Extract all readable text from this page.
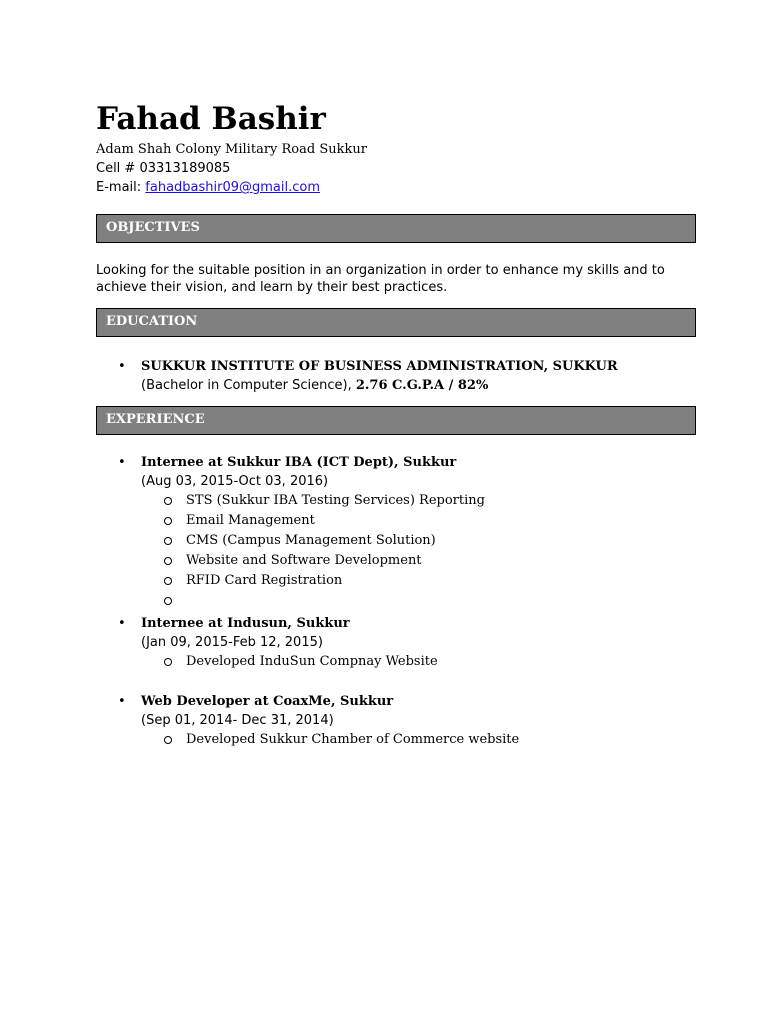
Fahad Bashir
Adam Shah Colony Military Road Sukkur
Cell # 03313189085
E-mail: fahadbashir09@gmail.com
OBJECTIVES
Looking for the suitable position in an organization in order to enhance my skills and to achieve their vision, and learn by their best practices.
EDUCATION
• SUKKUR INSTITUTE OF BUSINESS ADMINISTRATION, SUKKUR
(Bachelor in Computer Science), 2.76 C.G.P.A / 82%
EXPERIENCE
• Internee at Sukkur IBA (ICT Dept), Sukkur
(Aug 03, 2015-Oct 03, 2016)
STS (Sukkur IBA Testing Services) Reporting
Email Management
CMS (Campus Management Solution)
Website and Software Development
RFID Card Registration
• Internee at Indusun, Sukkur
(Jan 09, 2015-Feb 12, 2015)
Developed InduSun Compnay Website
• Web Developer at CoaxMe, Sukkur
(Sep 01, 2014- Dec 31, 2014)
Developed Sukkur Chamber of Commerce website
